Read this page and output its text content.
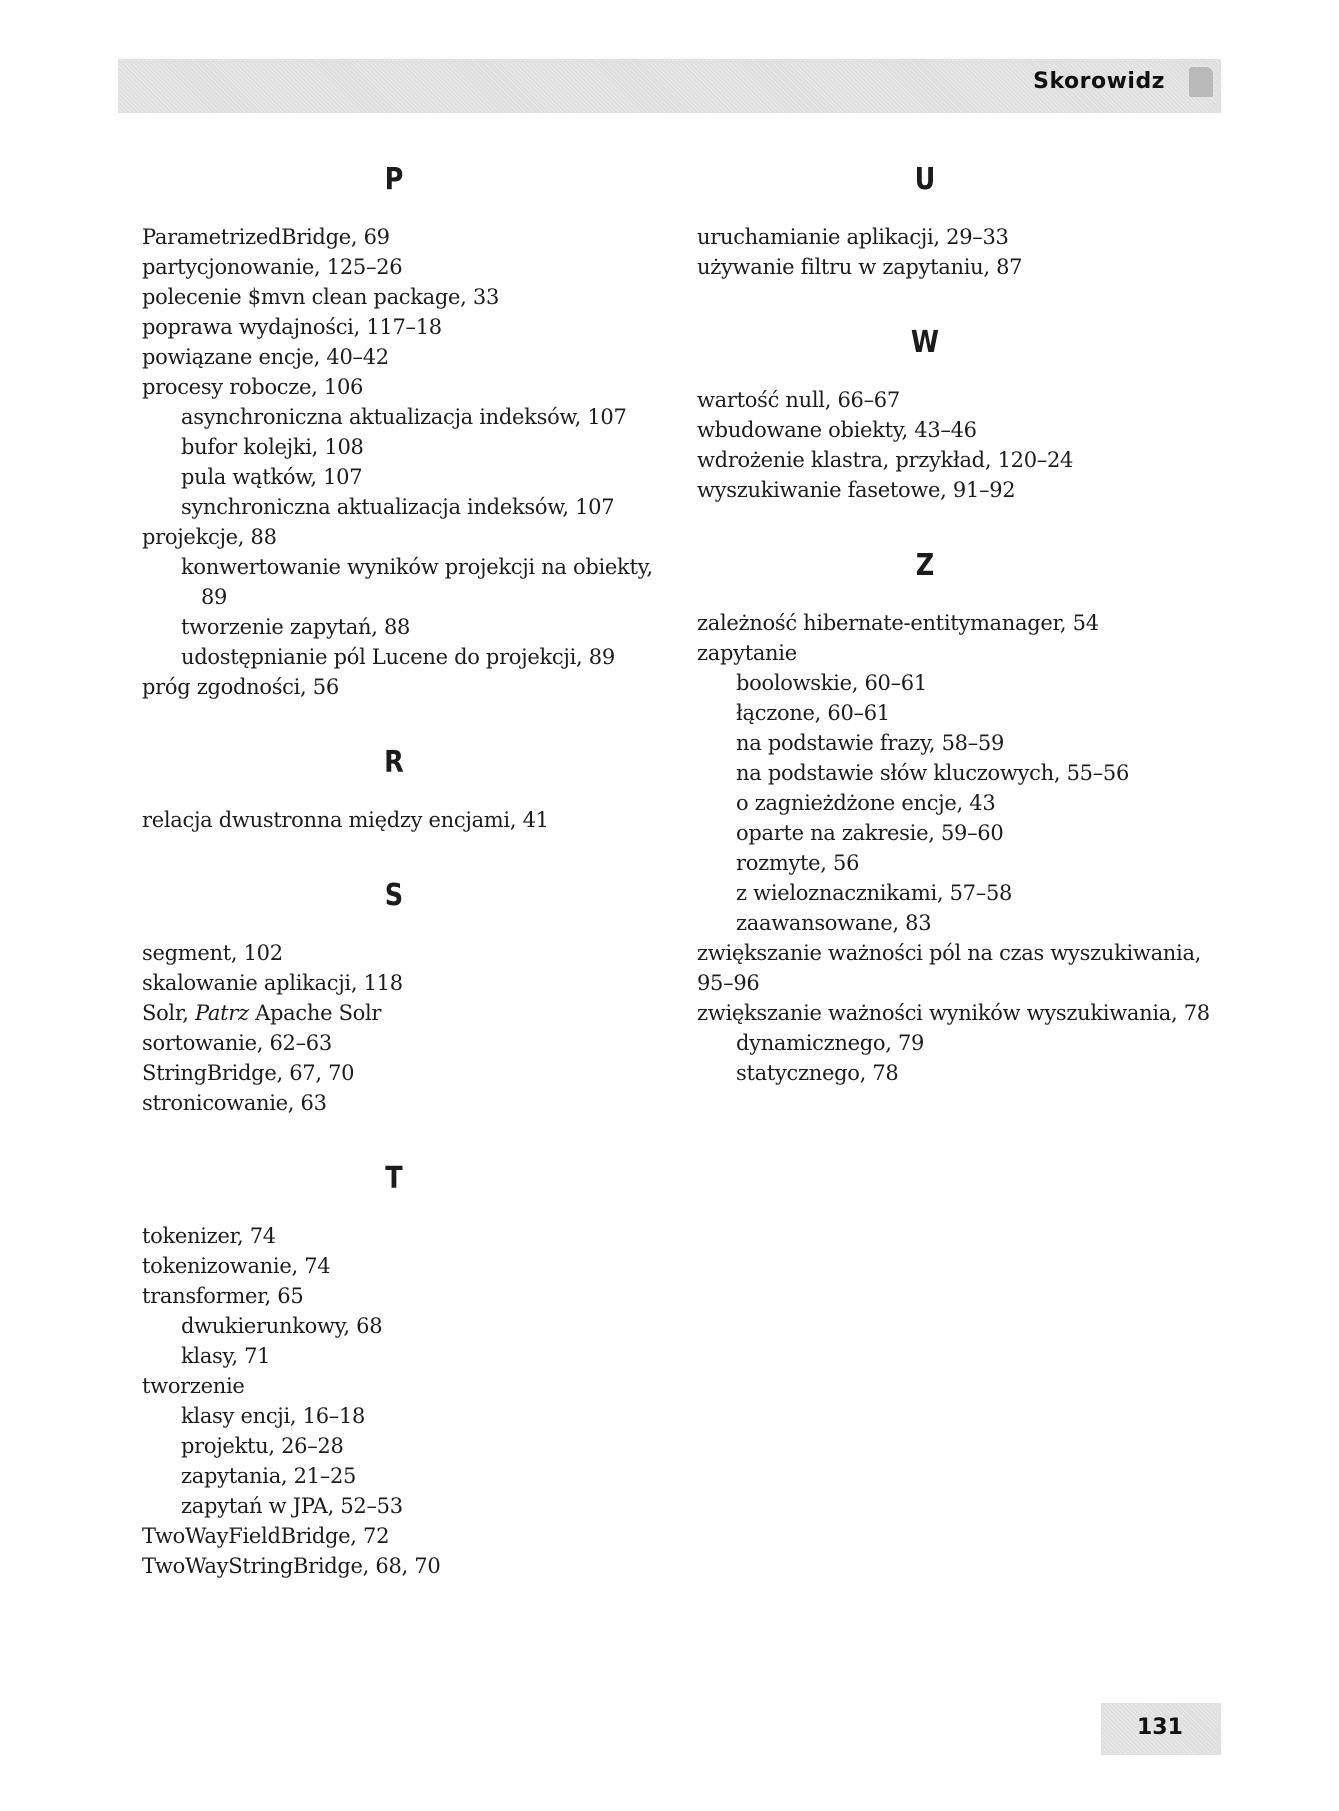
Skorowidz
P
ParametrizedBridge, 69
partycjonowanie, 125–26
polecenie $mvn clean package, 33
poprawa wydajności, 117–18
powiązane encje, 40–42
procesy robocze, 106
asynchroniczna aktualizacja indeksów, 107
bufor kolejki, 108
pula wątków, 107
synchroniczna aktualizacja indeksów, 107
projekcje, 88
konwertowanie wyników projekcji na obiekty,
89
tworzenie zapytań, 88
udostępnianie pól Lucene do projekcji, 89
próg zgodności, 56
R
relacja dwustronna między encjami, 41
S
segment, 102
skalowanie aplikacji, 118
Solr, Patrz Apache Solr
sortowanie, 62–63
StringBridge, 67, 70
stronicowanie, 63
T
tokenizer, 74
tokenizowanie, 74
transformer, 65
dwukierunkowy, 68
klasy, 71
tworzenie
klasy encji, 16–18
projektu, 26–28
zapytania, 21–25
zapytań w JPA, 52–53
TwoWayFieldBridge, 72
TwoWayStringBridge, 68, 70
U
uruchamianie aplikacji, 29–33
używanie filtru w zapytaniu, 87
W
wartość null, 66–67
wbudowane obiekty, 43–46
wdrożenie klastra, przykład, 120–24
wyszukiwanie fasetowe, 91–92
Z
zależność hibernate-entitymanager, 54
zapytanie
boolowskie, 60–61
łączone, 60–61
na podstawie frazy, 58–59
na podstawie słów kluczowych, 55–56
o zagnieżdżone encje, 43
oparte na zakresie, 59–60
rozmyte, 56
z wieloznacznikami, 57–58
zaawansowane, 83
zwiększanie ważności pól na czas wyszukiwania,
95–96
zwiększanie ważności wyników wyszukiwania, 78
dynamicznego, 79
statycznego, 78
131
